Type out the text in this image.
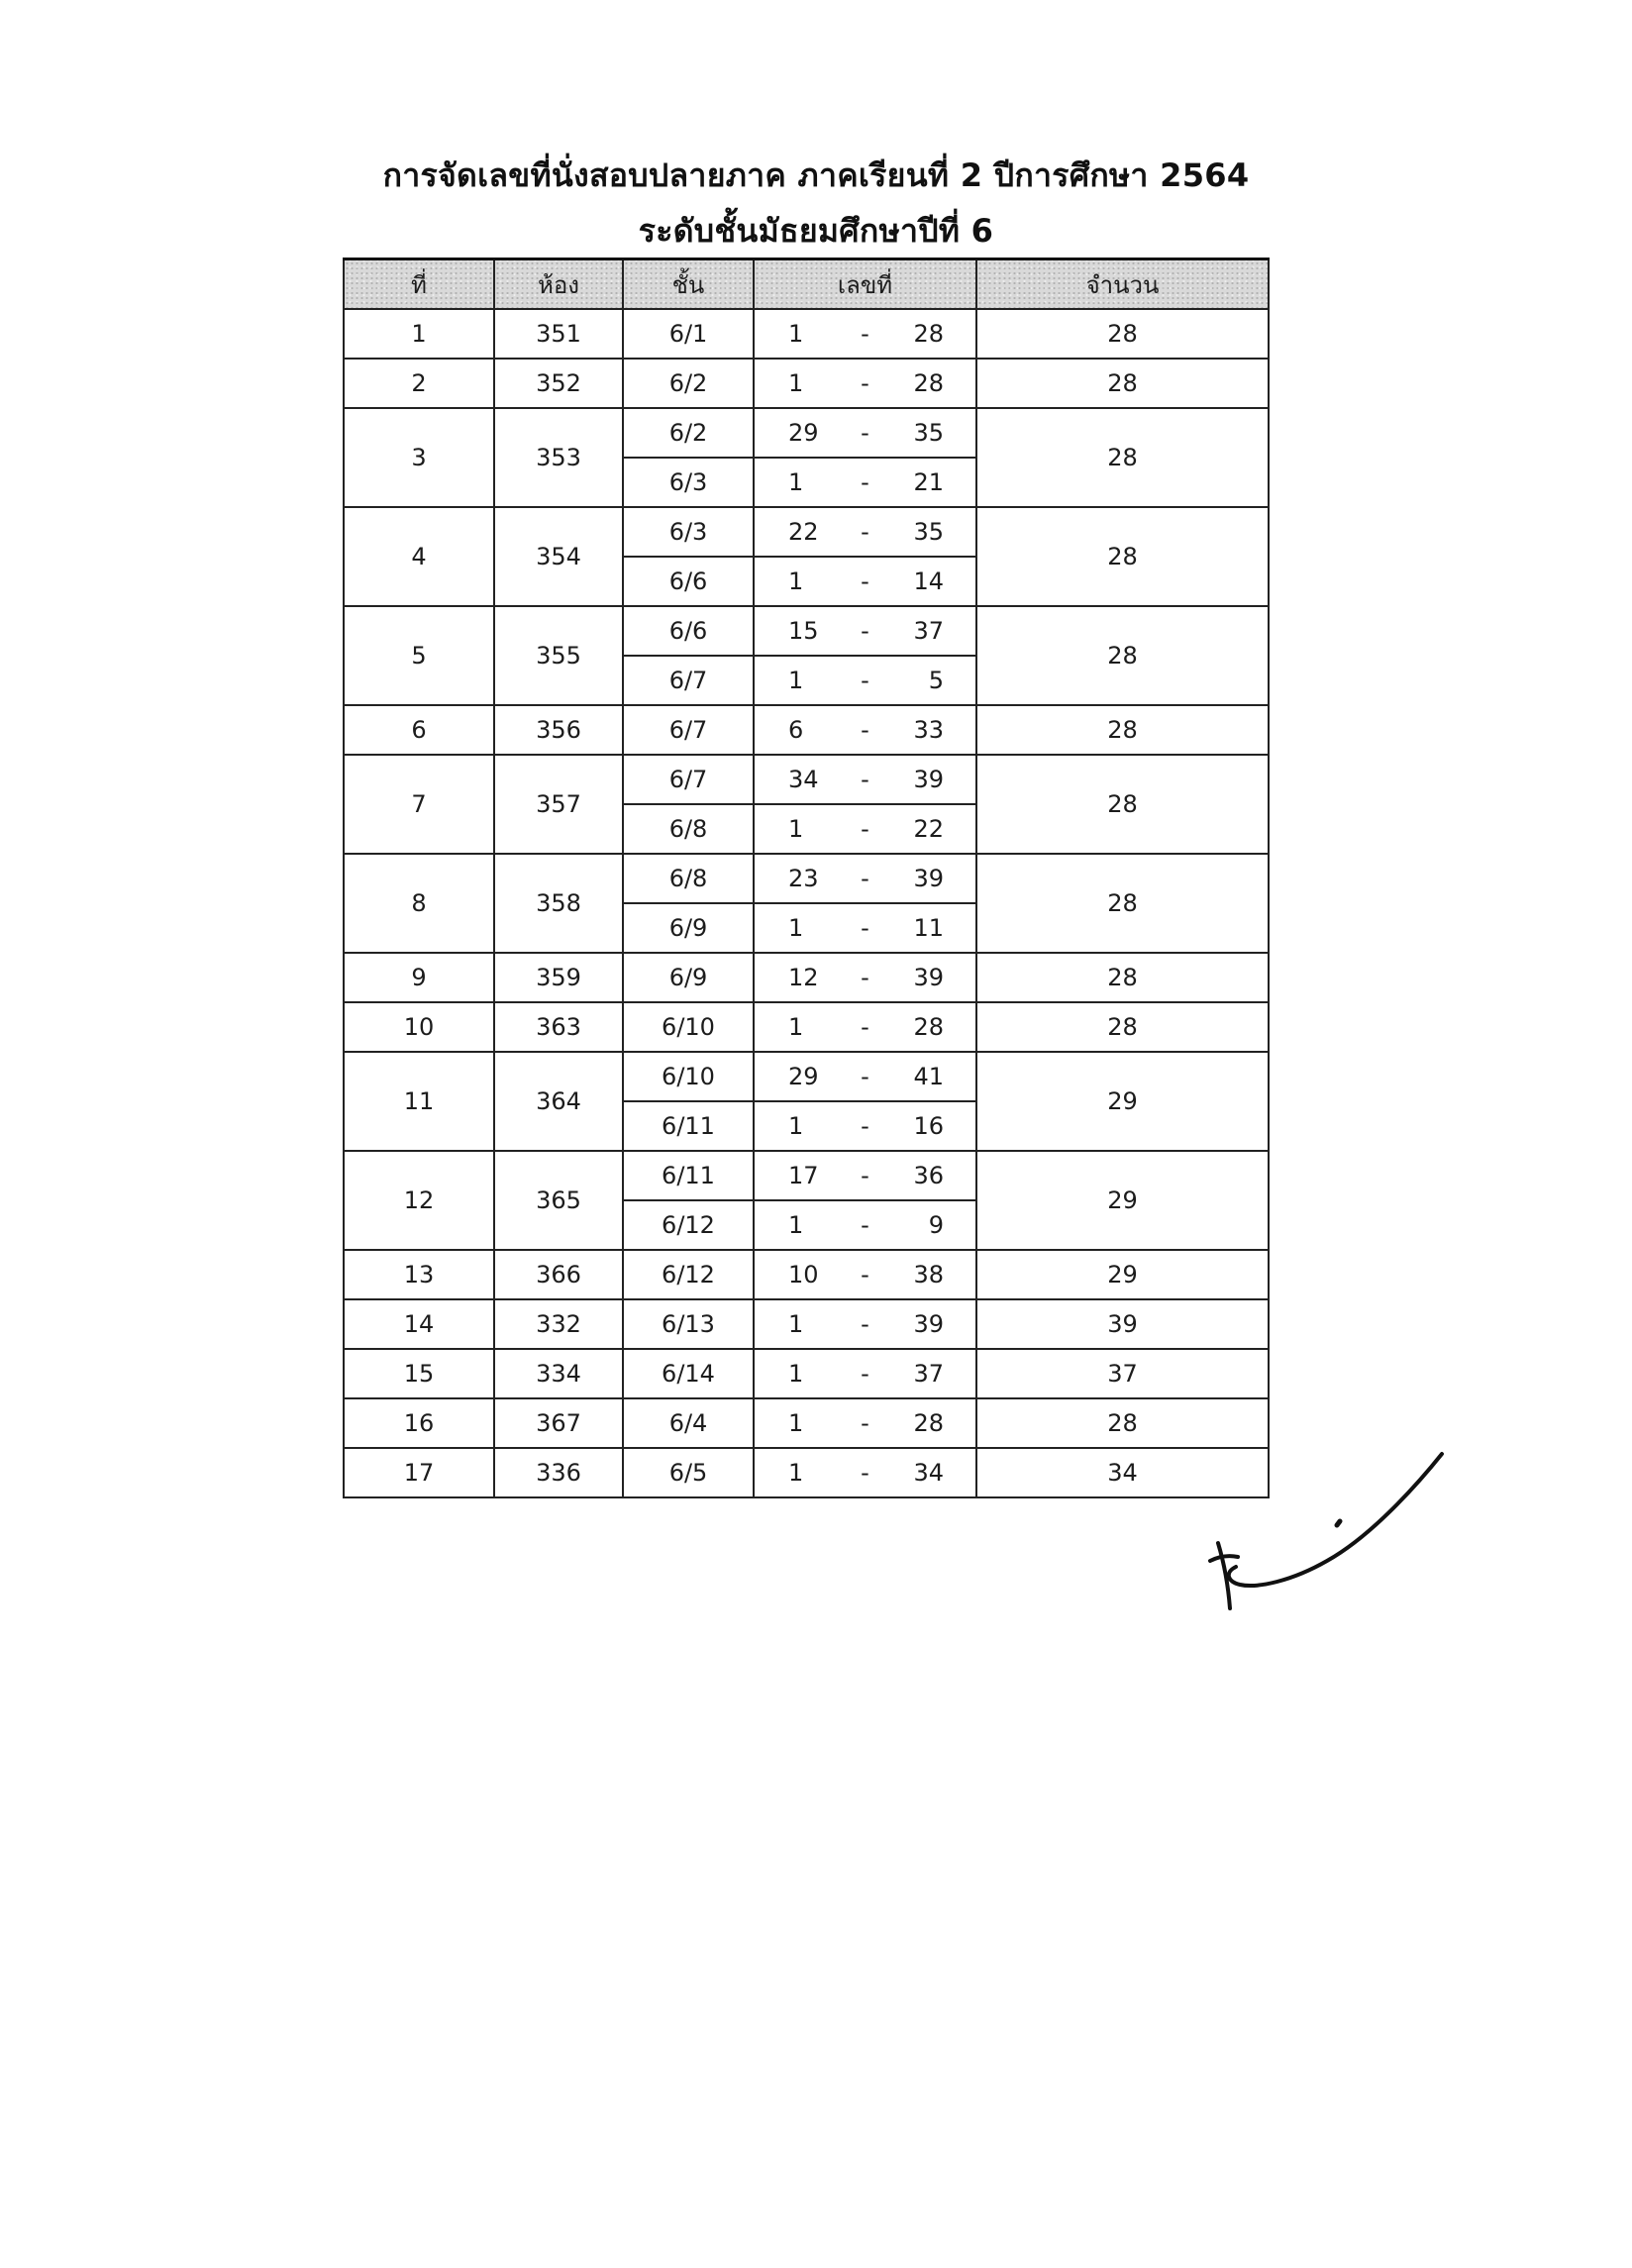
การจัดเลขที่นั่งสอบปลายภาค ภาคเรียนที่ 2 ปีการศึกษา 2564
ระดับชั้นมัธยมศึกษาปีที่ 6
ที่	ห้อง	ชั้น	เลขที่	จำนวน
1	351	6/1	1 - 28	28
2	352	6/2	1 - 28	28
3	353	6/2	29 - 35	28
		6/3	1 - 21	

4	354	6/3	22 - 35	28
		6/6	1 - 14	

5	355	6/6	15 - 37	28
		6/7	1 - 5	

6	356	6/7	6 - 33	28
7	357	6/7	34 - 39	28
		6/8	1 - 22	

8	358	6/8	23 - 39	28
		6/9	1 - 11	

9	359	6/9	12 - 39	28
10	363	6/10	1 - 28	28
11	364	6/10	29 - 41	29
		6/11	1 - 16	

12	365	6/11	17 - 36	29
		6/12	1 - 9	

13	366	6/12	10 - 38	29
14	332	6/13	1 - 39	39
15	334	6/14	1 - 37	37
16	367	6/4	1 - 28	28
17	336	6/5	1 - 34	34
